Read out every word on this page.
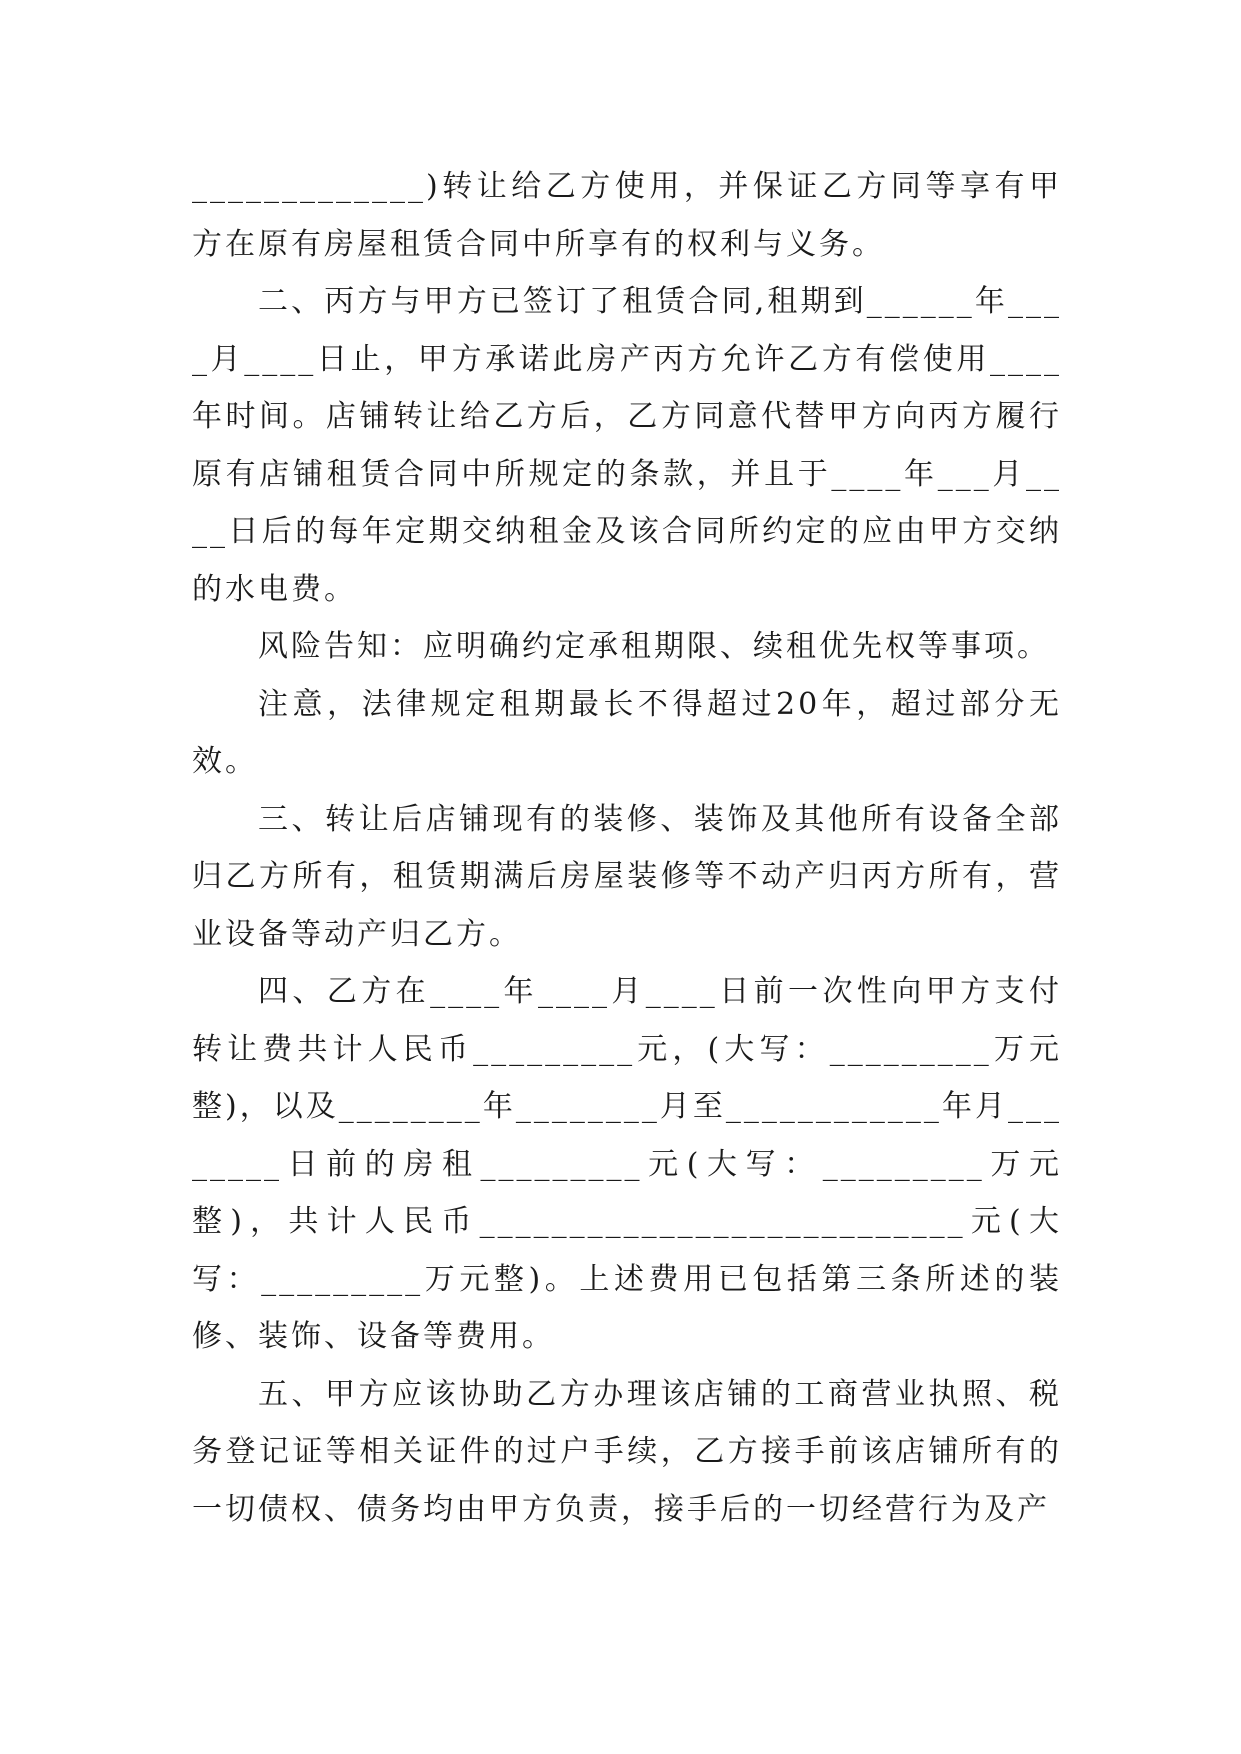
_____________)转让给乙方使用，并保证乙方同等享有甲方在原有房屋租赁合同中所享有的权利与义务。

二、丙方与甲方已签订了租赁合同,租期到______年____月____日止，甲方承诺此房产丙方允许乙方有偿使用____年时间。店铺转让给乙方后，乙方同意代替甲方向丙方履行原有店铺租赁合同中所规定的条款，并且于____年___月____日后的每年定期交纳租金及该合同所约定的应由甲方交纳的水电费。

风险告知：应明确约定承租期限、续租优先权等事项。

注意，法律规定租期最长不得超过20年，超过部分无效。

三、转让后店铺现有的装修、装饰及其他所有设备全部归乙方所有，租赁期满后房屋装修等不动产归丙方所有，营业设备等动产归乙方。

四、乙方在____年____月____日前一次性向甲方支付转让费共计人民币_________元，(大写：_________万元整)，以及________年________月至____________年月________日前的房租_________元(大写：_________万元整)，共计人民币___________________________元(大写：_________万元整)。上述费用已包括第三条所述的装修、装饰、设备等费用。

五、甲方应该协助乙方办理该店铺的工商营业执照、税务登记证等相关证件的过户手续，乙方接手前该店铺所有的一切债权、债务均由甲方负责，接手后的一切经营行为及产
